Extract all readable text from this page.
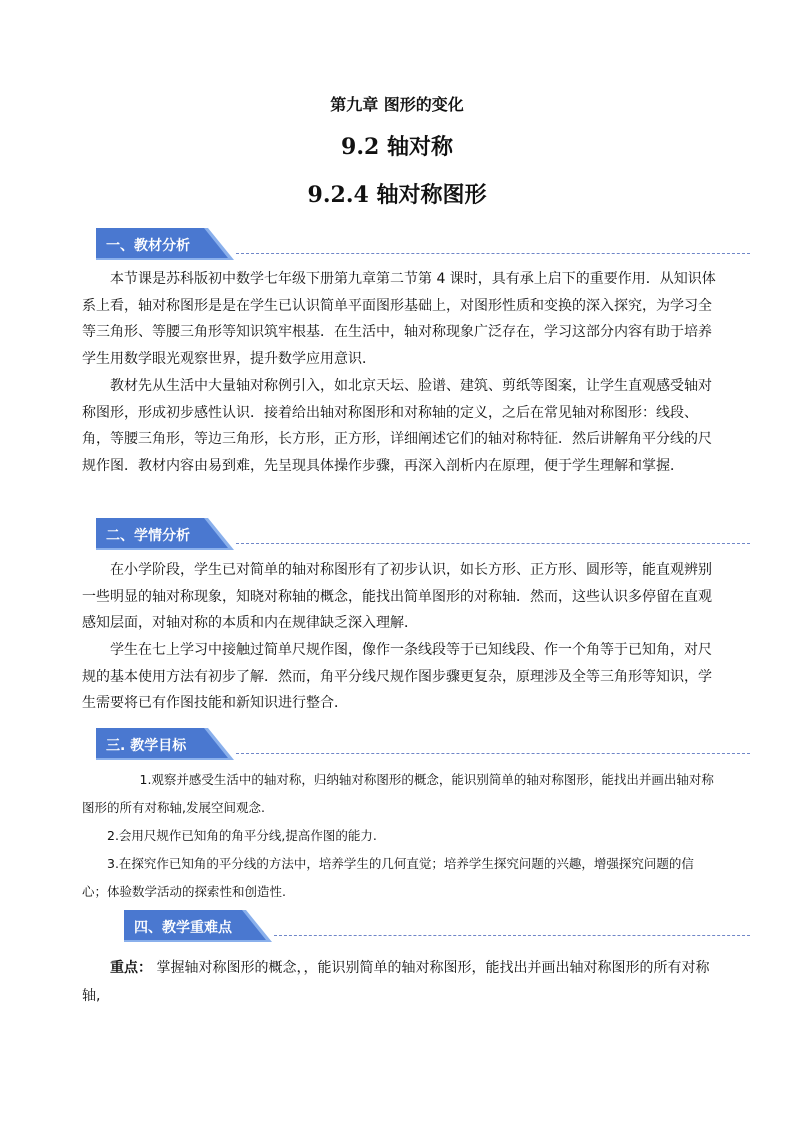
第九章 图形的变化
9.2 轴对称
9.2.4 轴对称图形
一、教材分析

本节课是苏科版初中数学七年级下册第九章第二节第 4 课时，具有承上启下的重要作用．从知识体系上看，轴对称图形是是在学生已认识简单平面图形基础上，对图形性质和变换的深入探究，为学习全等三角形、等腰三角形等知识筑牢根基．在生活中，轴对称现象广泛存在，学习这部分内容有助于培养学生用数学眼光观察世界，提升数学应用意识．

教材先从生活中大量轴对称例引入，如北京天坛、脸谱、建筑、剪纸等图案，让学生直观感受轴对称图形，形成初步感性认识．接着给出轴对称图形和对称轴的定义，之后在常见轴对称图形：线段、角，等腰三角形，等边三角形，长方形，正方形，详细阐述它们的轴对称特征．然后讲解角平分线的尺规作图．教材内容由易到难，先呈现具体操作步骤，再深入剖析内在原理，便于学生理解和掌握．

二、学情分析

在小学阶段，学生已对简单的轴对称图形有了初步认识，如长方形、正方形、圆形等，能直观辨别一些明显的轴对称现象，知晓对称轴的概念，能找出简单图形的对称轴．然而，这些认识多停留在直观感知层面，对轴对称的本质和内在规律缺乏深入理解．

学生在七上学习中接触过简单尺规作图，像作一条线段等于已知线段、作一个角等于已知角，对尺规的基本使用方法有初步了解．然而，角平分线尺规作图步骤更复杂，原理涉及全等三角形等知识，学生需要将已有作图技能和新知识进行整合．

三. 教学目标

1.观察并感受生活中的轴对称，归纳轴对称图形的概念，能识别简单的轴对称图形，能找出并画出轴对称图形的所有对称轴,发展空间观念.

2.会用尺规作已知角的角平分线,提高作图的能力.

3.在探究作已知角的平分线的方法中，培养学生的几何直觉；培养学生探究问题的兴趣，增强探究问题的信心；体验数学活动的探索性和创造性.

四、教学重难点

重点： 掌握轴对称图形的概念，，能识别简单的轴对称图形，能找出并画出轴对称图形的所有对称轴,
